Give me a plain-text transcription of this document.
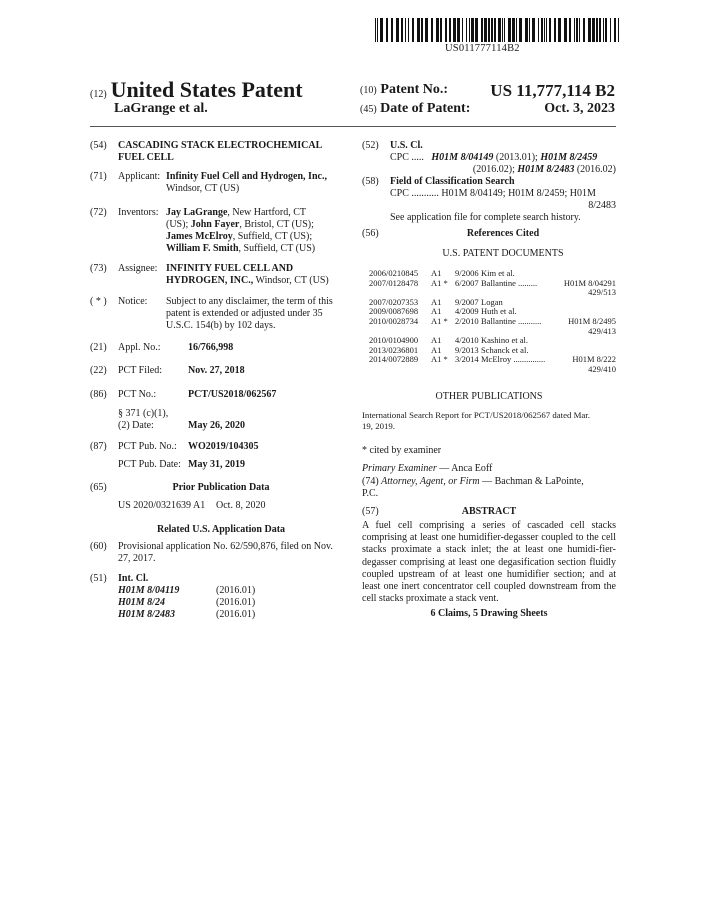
US011777114B2
(12) United States Patent
LaGrange et al.
(10) Patent No.: US 11,777,114 B2
(45) Date of Patent:	Oct. 3, 2023
(54)	CASCADING STACK ELECTROCHEMICAL
FUEL CELL
(71)	Applicant: Infinity Fuel Cell and Hydrogen, Inc.,
Windsor, CT (US)
(72)	Inventors: Jay LaGrange, New Hartford, CT
(US); John Fayer, Bristol, CT (US);
James McElroy, Suffield, CT (US);
William F. Smith, Suffield, CT (US)
(73)	Assignee: INFINITY FUEL CELL AND
HYDROGEN, INC., Windsor, CT (US)
( * )	Notice:	Subject to any disclaimer, the term of this
patent is extended or adjusted under 35
U.S.C. 154(b) by 102 days.
(21)	Appl. No.:	16/766,998
(22)	PCT Filed:	Nov. 27, 2018
(86)	PCT No.:	PCT/US2018/062567
§ 371 (c)(1),
(2) Date:	May 26, 2020
(87)	PCT Pub. No.:	WO2019/104305
PCT Pub. Date: May 31, 2019
(65)	Prior Publication Data
US 2020/0321639 A1	Oct. 8, 2020
Related U.S. Application Data
(60)	Provisional application No. 62/590,876, filed on Nov.
27, 2017.
(51)	Int. Cl.
H01M 8/04119	(2016.01)
H01M 8/24	(2016.01)
H01M 8/2483	(2016.01)
(52)	U.S. Cl.
CPC ..... H01M 8/04149 (2013.01); H01M 8/2459
(2016.02); H01M 8/2483 (2016.02)
(58)	Field of Classification Search
CPC ........... H01M 8/04149; H01M 8/2459; H01M
8/2483
See application file for complete search history.
(56)	References Cited
U.S. PATENT DOCUMENTS
2006/0210845	A1	9/2006	Kim et al.	
2007/0128478	A1 *	6/2007	Ballantine .........	H01M 8/04291
429/513				
2007/0207353	A1	9/2007	Logan	
2009/0087698	A1	4/2009	Huth et al.	
2010/0028734	A1 *	2/2010	Ballantine ...........	H01M 8/2495
429/413				
2010/0104900	A1	4/2010	Kashino et al.	
2013/0236801	A1	9/2013	Schanck et al.	
2014/0072889	A1 *	3/2014	McElroy ...............	H01M 8/222
429/410				
OTHER PUBLICATIONS
International Search Report for PCT/US2018/062567 dated Mar.
19, 2019.
* cited by examiner
Primary Examiner — Anca Eoff
(74) Attorney, Agent, or Firm — Bachman & LaPointe,
P.C.
(57)	ABSTRACT
A fuel cell comprising a series of cascaded cell stacks comprising at least one humidifier-degasser coupled to the cell stacks proximate a stack inlet; the at least one humidi-fier-degasser comprising at least one degasification section fluidly coupled upstream of at least one humidifier section; and at least one inert concentrator cell coupled downstream from the cell stacks proximate a stack vent.
6 Claims, 5 Drawing Sheets
